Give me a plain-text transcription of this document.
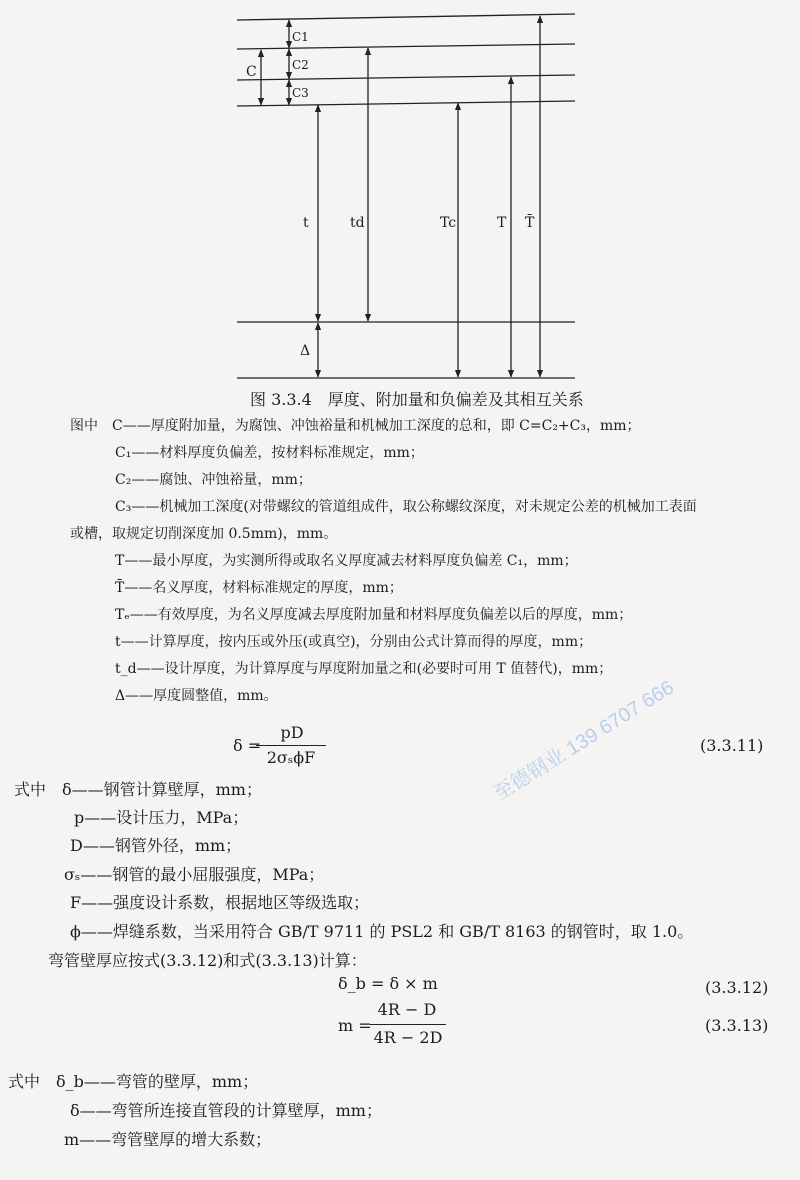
C
C1
C2
C3
t	td	Tc	T T̄
Δ
图 3.3.4　厚度、附加量和负偏差及其相互关系
图中　C——厚度附加量，为腐蚀、冲蚀裕量和机械加工深度的总和，即 C=C₂+C₃，mm；
C₁——材料厚度负偏差，按材料标准规定，mm；
C₂——腐蚀、冲蚀裕量，mm；
C₃——机械加工深度(对带螺纹的管道组成件，取公称螺纹深度，对未规定公差的机械加工表面
或槽，取规定切削深度加 0.5mm)，mm。
T——最小厚度，为实测所得或取名义厚度减去材料厚度负偏差 C₁，mm；
T̄——名义厚度，材料标准规定的厚度，mm；
Tₑ——有效厚度，为名义厚度减去厚度附加量和材料厚度负偏差以后的厚度，mm；
t——计算厚度，按内压或外压(或真空)，分别由公式计算而得的厚度，mm；
t_d——设计厚度，为计算厚度与厚度附加量之和(必要时可用 T 值替代)，mm；
Δ——厚度圆整值，mm。
δ =
pD
2σₛϕF
(3.3.11)
式中　δ——钢管计算壁厚，mm；
p——设计压力，MPa；
D——钢管外径，mm；
σₛ——钢管的最小屈服强度，MPa；
F——强度设计系数，根据地区等级选取；
ϕ——焊缝系数，当采用符合 GB/T 9711 的 PSL2 和 GB/T 8163 的钢管时，取 1.0。
弯管壁厚应按式(3.3.12)和式(3.3.13)计算：
δ_b = δ × m	(3.3.12)
m =
4R − D
4R − 2D
(3.3.13)
式中　δ_b——弯管的壁厚，mm；
δ——弯管所连接直管段的计算壁厚，mm；
m——弯管壁厚的增大系数；
至德钢业 139 6707 666
